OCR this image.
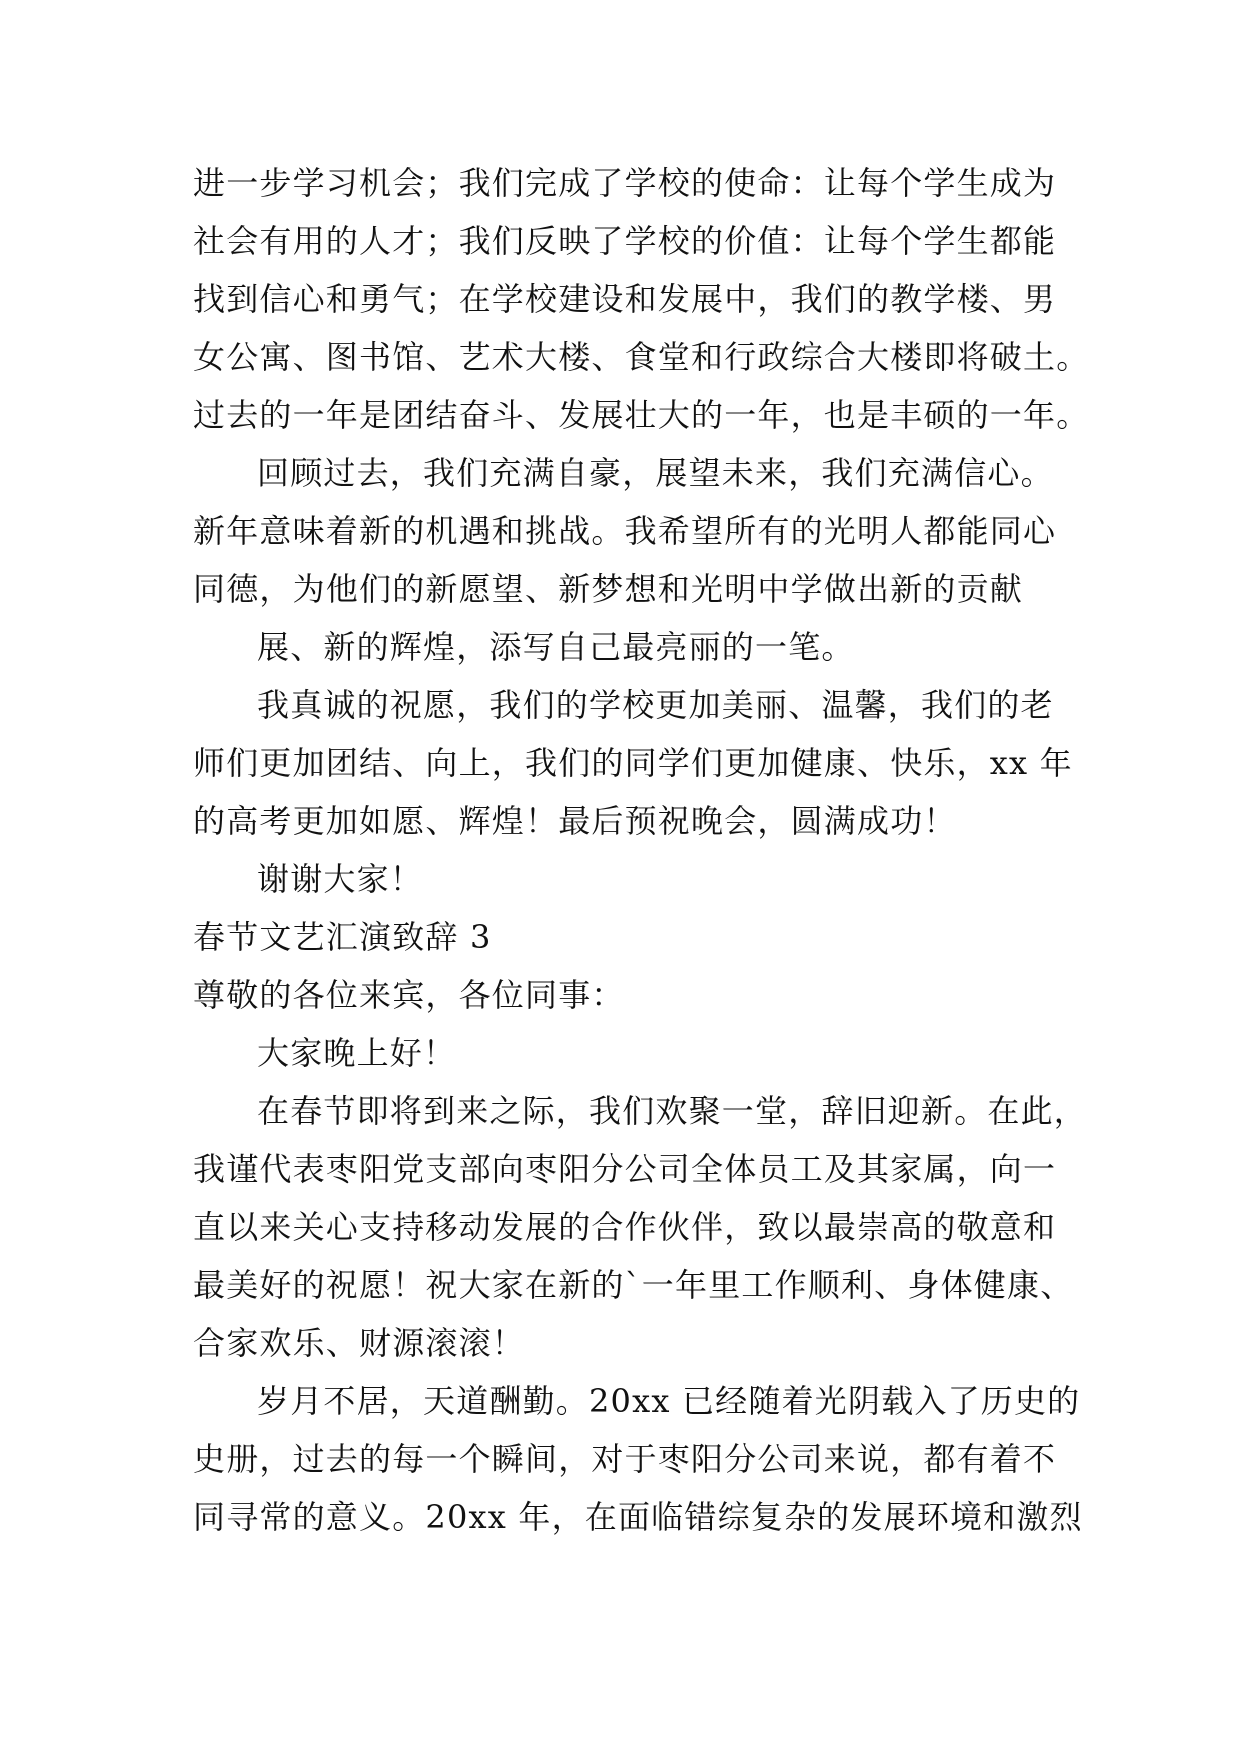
进一步学习机会；我们完成了学校的使命：让每个学生成为
社会有用的人才；我们反映了学校的价值：让每个学生都能
找到信心和勇气；在学校建设和发展中，我们的教学楼、男
女公寓、图书馆、艺术大楼、食堂和行政综合大楼即将破土。
过去的一年是团结奋斗、发展壮大的一年，也是丰硕的一年。
回顾过去，我们充满自豪，展望未来，我们充满信心。
新年意味着新的机遇和挑战。我希望所有的光明人都能同心
同德，为他们的新愿望、新梦想和光明中学做出新的贡献
展、新的辉煌，添写自己最亮丽的一笔。
我真诚的祝愿，我们的学校更加美丽、温馨，我们的老
师们更加团结、向上，我们的同学们更加健康、快乐，xx 年
的高考更加如愿、辉煌！最后预祝晚会，圆满成功！
谢谢大家！
春节文艺汇演致辞 3
尊敬的各位来宾，各位同事：
大家晚上好！
在春节即将到来之际，我们欢聚一堂，辞旧迎新。在此，
我谨代表枣阳党支部向枣阳分公司全体员工及其家属，向一
直以来关心支持移动发展的合作伙伴，致以最崇高的敬意和
最美好的祝愿！祝大家在新的`一年里工作顺利、身体健康、
合家欢乐、财源滚滚！
岁月不居，天道酬勤。20xx 已经随着光阴载入了历史的
史册，过去的每一个瞬间，对于枣阳分公司来说，都有着不
同寻常的意义。20xx 年，在面临错综复杂的发展环境和激烈
